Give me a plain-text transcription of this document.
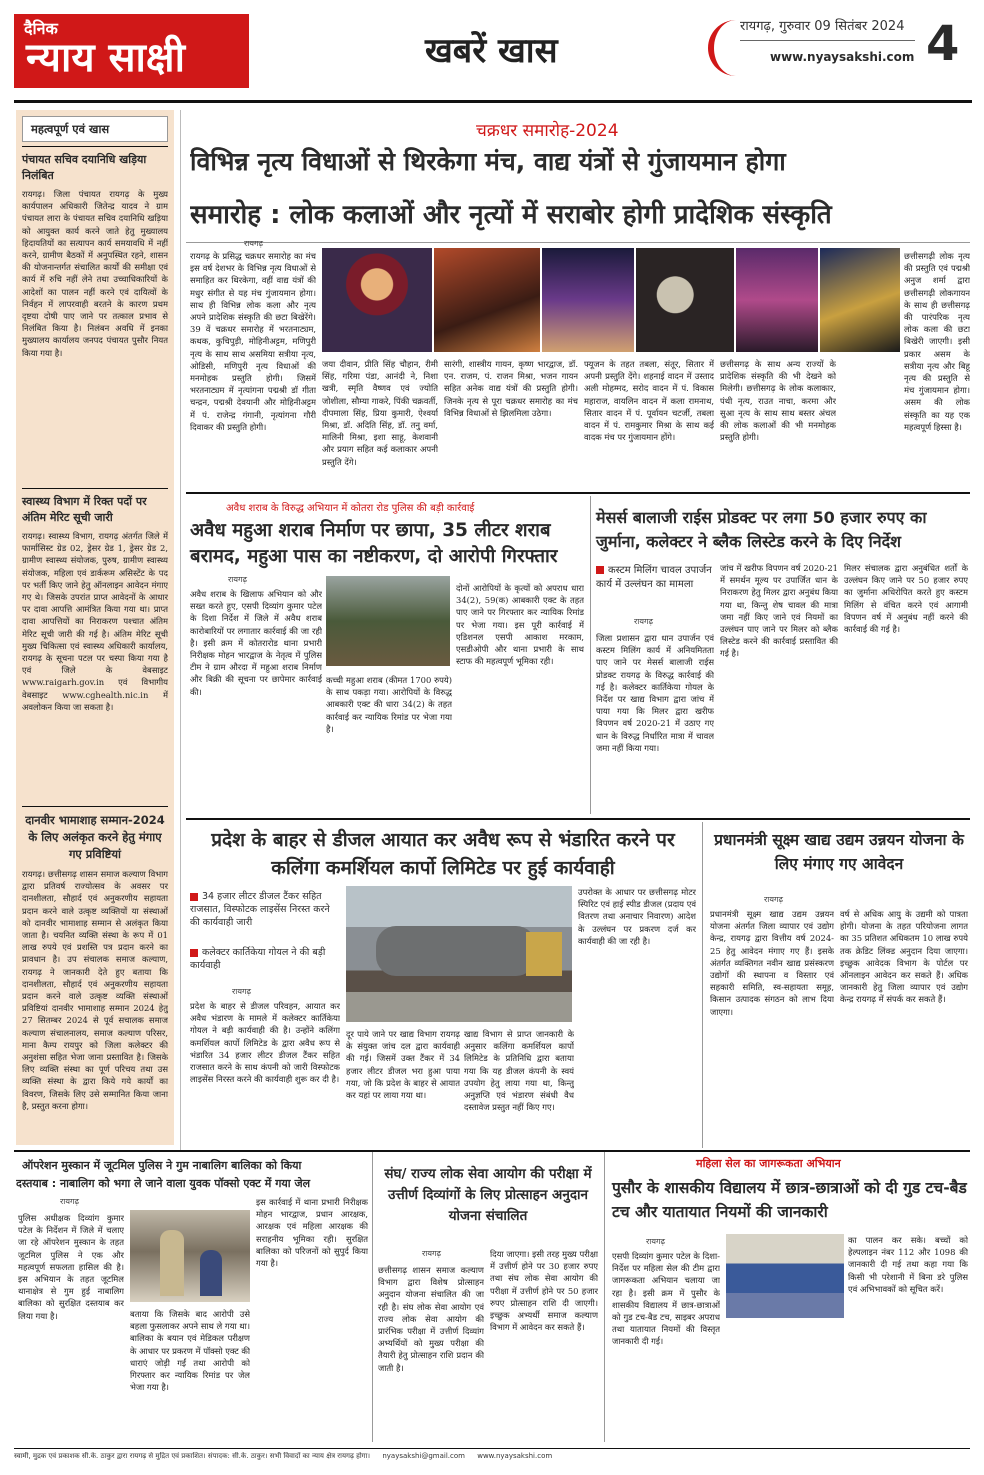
दैनिक
न्याय साक्षी	खबरें खास
रायगढ़, गुरुवार 09 सितंबर 2024
www.nyaysakshi.com 4
महत्वपूर्ण एवं खास
पंचायत सचिव दयानिधि खड़िया निलंबित
रायगढ़। जिला पंचायत रायगढ़ के मुख्य कार्यपालन अधिकारी जितेन्द्र यादव ने ग्राम पंचायत लारा के पंचायत सचिव दयानिधि खड़िया को आयुक्त कार्य करने जाते हेतु मुख्यालय हिदायतियों का सत्यापन कार्य समयावधि में नहीं करने, ग्रामीण बैठकों में अनुपस्थित रहने, शासन की योजनान्तर्गत संचालित कार्यों की समीक्षा एवं कार्य में रुचि नहीं लेने तथा उच्चाधिकारियों के आदेशों का पालन नहीं करने एवं दायित्वों के निर्वहन में लापरवाही बरतने के कारण प्रथम दृष्टया दोषी पाए जाने पर तत्काल प्रभाव से निलंबित किया है। निलंबन अवधि में इनका मुख्यालय कार्यालय जनपद पंचायत पुसौर नियत किया गया है।
स्वास्थ्य विभाग में रिक्त पदों पर अंतिम मेरिट सूची जारी
रायगढ़। स्वास्थ्य विभाग, रायगढ़ अंतर्गत जिले में फार्मासिस्ट ग्रेड 02, ड्रेसर ग्रेड 1, ड्रेसर ग्रेड 2, ग्रामीण स्वास्थ्य संयोजक, पुरुष, ग्रामीण स्वास्थ्य संयोजक, महिला एवं डार्करूम असिस्टेंट के पद पर भर्ती किए जाने हेतु ऑनलाइन आवेदन मंगाए गए थे। जिसके उपरांत प्राप्त आवेदनों के आधार पर दावा आपत्ति आमंत्रित किया गया था। प्राप्त दावा आपत्तियों का निराकरण पश्चात अंतिम मेरिट सूची जारी की गई है। अंतिम मेरिट सूची मुख्य चिकित्सा एवं स्वास्थ्य अधिकारी कार्यालय, रायगढ़ के सूचना पटल पर चस्पा किया गया है एवं जिले के वेबसाइट www.raigarh.gov.in एवं विभागीय वेबसाइट www.cghealth.nic.in में अवलोकन किया जा सकता है।
दानवीर भामाशाह सम्मान-2024 के लिए अलंकृत करने हेतु मंगाए गए प्रविष्टियां
रायगढ़। छत्तीसगढ़ शासन समाज कल्याण विभाग द्वारा प्रतिवर्ष राज्योत्सव के अवसर पर दानशीलता, सौहार्द एवं अनुकरणीय सहायता प्रदान करने वाले उत्कृष्ट व्यक्तियों या संस्थाओं को दानवीर भामाशाह सम्मान से अलंकृत किया जाता है। चयनित व्यक्ति संस्था के रूप में 01 लाख रुपये एवं प्रशस्ति पत्र प्रदान करने का प्रावधान है। उप संचालक समाज कल्याण, रायगढ़ ने जानकारी देते हुए बताया कि दानशीलता, सौहार्द एवं अनुकरणीय सहायता प्रदान करने वाले उत्कृष्ट व्यक्ति संस्थाओं प्रविष्टियां दानवीर भामाशाह सम्मान 2024 हेतु 27 सितम्बर 2024 से पूर्व सचालक समाज कल्याण संचालनालय, समाज कल्याण परिसर, माना कैम्प रायपुर को जिला कलेक्टर की अनुशंसा सहित भेजा जाना प्रस्तावित है। जिसके लिए व्यक्ति संस्था का पूर्ण परिचय तथा उस व्यक्ति संस्था के द्वारा किये गये कार्यों का विवरण, जिसके लिए उसे सम्मानित किया जाना है, प्रस्तुत करना होगा।
चक्रधर समारोह-2024
विभिन्न नृत्य विधाओं से थिरकेगा मंच, वाद्य यंत्रों से गुंजायमान होगा
समारोह : लोक कलाओं और नृत्यों में सराबोर होगी प्रादेशिक संस्कृति
रायगढ़
रायगढ़ के प्रसिद्ध चक्रधर समारोह का मंच इस वर्ष देशभर के विभिन्न नृत्य विधाओं से समाहित कर थिरकेगा, वहीं वाद्य यंत्रों की मधुर संगीत से यह मंच गुंजायमान होगा। साथ ही विभिन्न लोक कला और नृत्य अपने प्रादेशिक संस्कृति की छटा बिखेरेंगे। 39 वें चक्रधर समारोह में भरतनाट्यम, कथक, कुचिपुड़ी, मोहिनीअट्टम, मणिपुरी नृत्य के साथ साथ असमिया सत्रीया नृत्य, ओडिसी, मणिपुरी नृत्य विधाओं की मनमोहक प्रस्तुति होगी। जिसमें भरतनाट्यम में नृत्यांगना पद्मश्री डॉ गीता चन्द्रन, पद्मश्री देवयानी और मोहिनीअट्टम में पं. राजेन्द्र गंगानी, नृत्यांगना गौरी दिवाकर की प्रस्तुति होगी।
जया दीवान, प्रीति सिंह चौहान, रीमी सिंह, गरिमा पंडा, आनंदी ने, निशा खत्री, स्मृति वैष्णव एवं ज्योति जोशीला, सौम्या गाकरे, पिंकी चक्रवर्ती, दीपमाला सिंह, प्रिया कुमारी, ऐश्वर्या मिश्रा, डॉ. अदिति सिंह, डॉ. तनु वर्मा, मालिनी मिश्रा, इशा साहू, केशवानी और प्रयाग सहित कई कलाकार अपनी प्रस्तुति देंगे।
सारंगी, शास्त्रीय गायन, कृष्ण भारद्वाज, डॉ. एन. राजम, पं. राजन मिश्रा, भजन गायन सहित अनेक वाद्य यंत्रों की प्रस्तुति होगी। जिनके नृत्य से पूरा चक्रधर समारोह का मंच विभिन्न विधाओं से झिलमिला उठेगा।
फ्यूजन के तहत तबला, संतूर, सितार में अपनी प्रस्तुति देंगे। शहनाई वादन में उस्ताद अली मोहम्मद, सरोद वादन में पं. विकास महाराज, वायलिन वादन में कला रामनाथ, सितार वादन में पं. पूर्वायन चटर्जी, तबला वादन में पं. रामकुमार मिश्रा के साथ कई वादक मंच पर गुंजायमान होंगे।
छत्तीसगढ़ के साथ अन्य राज्यों के प्रादेशिक संस्कृति की भी देखने को मिलेगी। छत्तीसगढ़ के लोक कलाकार, पंथी नृत्य, राउत नाचा, करमा और सुआ नृत्य के साथ साथ बस्तर अंचल की लोक कलाओं की भी मनमोहक प्रस्तुति होगी।
छत्तीसगढ़ी लोक नृत्य की प्रस्तुति एवं पद्मश्री अनुज शर्मा द्वारा छत्तीसगढ़ी लोकगायन के साथ ही छत्तीसगढ़ की पारंपरिक नृत्य लोक कला की छटा बिखेरी जाएगी। इसी प्रकार असम के सत्रीया नृत्य और बिहू नृत्य की प्रस्तुति से मंच गुंजायमान होगा। असम की लोक संस्कृति का यह एक महत्वपूर्ण हिस्सा है।
अवैध शराब के विरुद्ध अभियान में कोतरा रोड पुलिस की बड़ी कार्रवाई
अवैध महुआ शराब निर्माण पर छापा, 35 लीटर शराब बरामद, महुआ पास का नष्टीकरण, दो आरोपी गिरफ्तार
रायगढ़
अवैध शराब के खिलाफ अभियान को और सख्त करते हुए, एसपी दिव्यांग कुमार पटेल के दिशा निर्देश में जिले में अवैध शराब कारोबारियों पर लगातार कार्रवाई की जा रही है। इसी क्रम में कोतरारोड थाना प्रभारी निरीक्षक मोहन भारद्वाज के नेतृत्व में पुलिस टीम ने ग्राम औरदा में महुआ शराब निर्माण और बिक्री की सूचना पर छापेमार कार्रवाई की।
कच्ची महुआ शराब (कीमत 1700 रुपये) के साथ पकड़ा गया। आरोपियों के विरुद्ध आबकारी एक्ट की धारा 34(2) के तहत कार्रवाई कर न्यायिक रिमांड पर भेजा गया है।
दोनों आरोपियों के कृत्यों को अपराध धारा 34(2), 59(क) आबकारी एक्ट के तहत पाए जाने पर गिरफ्तार कर न्यायिक रिमांड पर भेजा गया। इस पूरी कार्रवाई में एडिशनल एसपी आकाश मरकाम, एसडीओपी और थाना प्रभारी के साथ स्टाफ की महत्वपूर्ण भूमिका रही।
मेसर्स बालाजी राईस प्रोडक्ट पर लगा 50 हजार रुपए का जुर्माना, कलेक्टर ने ब्लैक लिस्टेड करने के दिए निर्देश
कस्टम मिलिंग चावल उपार्जन कार्य में उल्लंघन का मामला
रायगढ़
जिला प्रशासन द्वारा धान उपार्जन एवं कस्टम मिलिंग कार्य में अनियमितता पाए जाने पर मेसर्स बालाजी राईस प्रोडक्ट रायगढ़ के विरुद्ध कार्रवाई की गई है। कलेक्टर कार्तिकेया गोयल के निर्देश पर खाद्य विभाग द्वारा जांच में पाया गया कि मिलर द्वारा खरीफ विपणन वर्ष 2020-21 में उठाए गए धान के विरुद्ध निर्धारित मात्रा में चावल जमा नहीं किया गया।
जांच में खरीफ विपणन वर्ष 2020-21 में समर्थन मूल्य पर उपार्जित धान के निराकरण हेतु मिलर द्वारा अनुबंध किया गया था, किन्तु शेष चावल की मात्रा जमा नहीं किए जाने एवं नियमों का उल्लंघन पाए जाने पर मिलर को ब्लैक लिस्टेड करने की कार्रवाई प्रस्तावित की गई है।
मिलर संचालक द्वारा अनुबंधित शर्तों के उल्लंघन किए जाने पर 50 हजार रुपए का जुर्माना अधिरोपित करते हुए कस्टम मिलिंग से वंचित करने एवं आगामी विपणन वर्ष में अनुबंध नहीं करने की कार्रवाई की गई है।
प्रदेश के बाहर से डीजल आयात कर अवैध रूप से भंडारित करने पर कलिंगा कमर्शियल कार्पो लिमिटेड पर हुई कार्यवाही
34 हजार लीटर डीजल टैंकर सहित राजसात, विस्फोटक लाइसेंस निरस्त करने की कार्यवाही जारी
कलेक्टर कार्तिकेया गोयल ने की बड़ी कार्यवाही
रायगढ़
प्रदेश के बाहर से डीजल परिवहन, आयात कर अवैध भंडारण के मामले में कलेक्टर कार्तिकेया गोयल ने बड़ी कार्यवाही की है। उन्होंने कलिंगा कमर्शियल कार्पो लिमिटेड के द्वारा अवैध रूप से भंडारित 34 हजार लीटर डीजल टैंकर सहित राजसात करने के साथ कंपनी को जारी विस्फोटक लाइसेंस निरस्त करने की कार्यवाही शुरू कर दी है।
दूर पाये जाने पर खाद्य विभाग रायगढ़ के संयुक्त जांच दल द्वारा कार्यवाही की गई। जिसमें उक्त टैंकर में 34 हजार लीटर डीजल भरा हुआ पाया गया, जो कि प्रदेश के बाहर से आयात कर यहां पर लाया गया था।
खाद्य विभाग से प्राप्त जानकारी के अनुसार कलिंगा कमर्शियल कार्पो लिमिटेड के प्रतिनिधि द्वारा बताया गया कि यह डीजल कंपनी के स्वयं उपयोग हेतु लाया गया था, किन्तु अनुज्ञप्ति एवं भंडारण संबंधी वैध दस्तावेज प्रस्तुत नहीं किए गए।
उपरोक्त के आधार पर छत्तीसगढ़ मोटर स्पिरिट एवं हाई स्पीड डीजल (प्रदाय एवं वितरण तथा अनाचार निवारण) आदेश के उल्लंघन पर प्रकरण दर्ज कर कार्यवाही की जा रही है।
प्रधानमंत्री सूक्ष्म खाद्य उद्यम उन्नयन योजना के लिए मंगाए गए आवेदन
रायगढ़
प्रधानमंत्री सूक्ष्म खाद्य उद्यम उन्नयन योजना अंतर्गत जिला व्यापार एवं उद्योग केन्द्र, रायगढ़ द्वारा वित्तीय वर्ष 2024-25 हेतु आवेदन मंगाए गए हैं। इसके अंतर्गत व्यक्तिगत नवीन खाद्य प्रसंस्करण उद्योगों की स्थापना व विस्तार एवं सहकारी समिति, स्व-सहायता समूह, किसान उत्पादक संगठन को लाभ दिया जाएगा।
वर्ष से अधिक आयु के उद्यमी को पात्रता होगी। योजना के तहत परियोजना लागत का 35 प्रतिशत अधिकतम 10 लाख रुपये तक क्रेडिट लिंक्ड अनुदान दिया जाएगा। इच्छुक आवेदक विभाग के पोर्टल पर ऑनलाइन आवेदन कर सकते हैं। अधिक जानकारी हेतु जिला व्यापार एवं उद्योग केन्द्र रायगढ़ में संपर्क कर सकते हैं।
ऑपरेशन मुस्कान में जूटमिल पुलिस ने गुम नाबालिग बालिका को किया
दस्तयाब : नाबालिग को भगा ले जाने वाला युवक पॉक्सो एक्ट में गया जेल
रायगढ़
पुलिस अधीक्षक दिव्यांग कुमार पटेल के निर्देशन में जिले में चलाए जा रहे ऑपरेशन मुस्कान के तहत जूटमिल पुलिस ने एक और महत्वपूर्ण सफलता हासिल की है। इस अभियान के तहत जूटमिल थानाक्षेत्र से गुम हुई नाबालिग बालिका को सुरक्षित दस्तयाब कर लिया गया है।	बताया कि जिसके बाद आरोपी उसे बहला फुसलाकर अपने साथ ले गया था। बालिका के बयान एवं मेडिकल परीक्षण के आधार पर प्रकरण में पॉक्सो एक्ट की धाराएं जोड़ी गईं तथा आरोपी को गिरफ्तार कर न्यायिक रिमांड पर जेल भेजा गया है।
इस कार्रवाई में थाना प्रभारी निरीक्षक मोहन भारद्वाज, प्रधान आरक्षक, आरक्षक एवं महिला आरक्षक की सराहनीय भूमिका रही। सुरक्षित बालिका को परिजनों को सुपुर्द किया गया है।
संघ/ राज्य लोक सेवा आयोग की परीक्षा में उत्तीर्ण दिव्यांगों के लिए प्रोत्साहन अनुदान योजना संचालित
रायगढ़
छत्तीसगढ़ शासन समाज कल्याण विभाग द्वारा विशेष प्रोत्साहन अनुदान योजना संचालित की जा रही है। संघ लोक सेवा आयोग एवं राज्य लोक सेवा आयोग की प्रारंभिक परीक्षा में उत्तीर्ण दिव्यांग अभ्यर्थियों को मुख्य परीक्षा की तैयारी हेतु प्रोत्साहन राशि प्रदान की जाती है।
दिया जाएगा। इसी तरह मुख्य परीक्षा में उत्तीर्ण होने पर 30 हजार रुपए तथा संघ लोक सेवा आयोग की परीक्षा में उत्तीर्ण होने पर 50 हजार रुपए प्रोत्साहन राशि दी जाएगी। इच्छुक अभ्यर्थी समाज कल्याण विभाग में आवेदन कर सकते हैं।
महिला सेल का जागरूकता अभियान
पुसौर के शासकीय विद्यालय में छात्र-छात्राओं को दी गुड टच-बैड टच और यातायात नियमों की जानकारी
रायगढ़
एसपी दिव्यांग कुमार पटेल के दिशा-निर्देश पर महिला सेल की टीम द्वारा जागरूकता अभियान चलाया जा रहा है। इसी क्रम में पुसौर के शासकीय विद्यालय में छात्र-छात्राओं को गुड टच-बैड टच, साइबर अपराध तथा यातायात नियमों की विस्तृत जानकारी दी गई।
का पालन कर सके। बच्चों को हेल्पलाइन नंबर 112 और 1098 की जानकारी दी गई तथा कहा गया कि किसी भी परेशानी में बिना डरे पुलिस एवं अभिभावकों को सूचित करें।
स्वामी, मुद्रक एवं प्रकाशक सी.के. ठाकुर द्वारा रायगढ़ से मुद्रित एवं प्रकाशित। संपादक: सी.के. ठाकुर। सभी विवादों का न्याय क्षेत्र रायगढ़ होगा। nyaysakshi@gmail.com www.nyaysakshi.com
